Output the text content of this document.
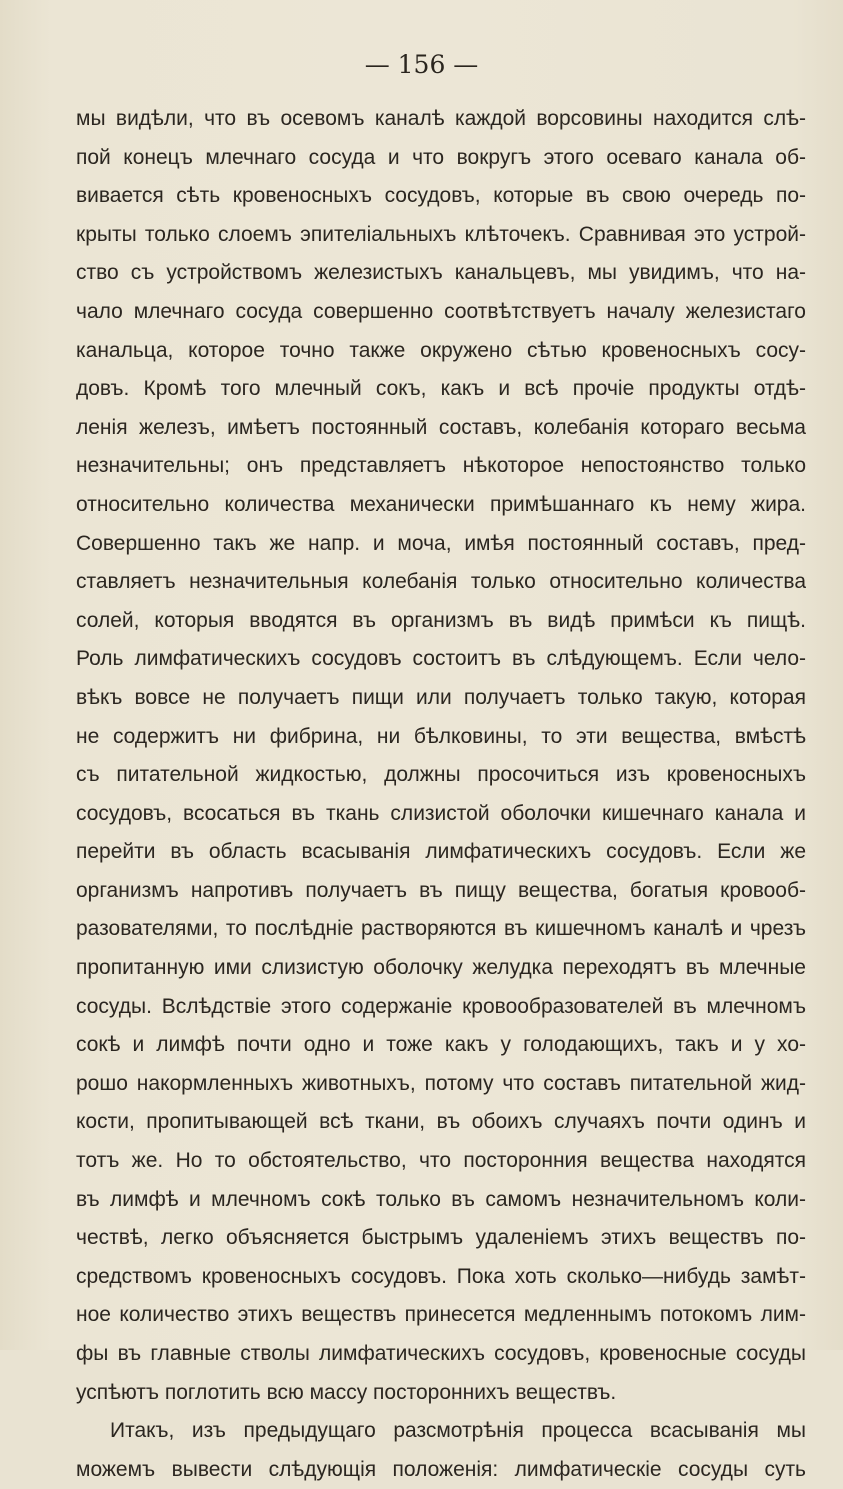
— 156 —
мы видѣли, что въ осевомъ каналѣ каждой ворсовины находится слѣ-
пой конецъ млечнаго сосуда и что вокругъ этого осеваго канала об-
вивается сѣть кровеносныхъ сосудовъ, которые въ свою очередь по-
крыты только слоемъ эпителіальныхъ клѣточекъ. Сравнивая это устрой-
ство съ устройствомъ железистыхъ канальцевъ, мы увидимъ, что на-
чало млечнаго сосуда совершенно соотвѣтствуетъ началу железистаго
канальца, которое точно также окружено сѣтью кровеносныхъ сосу-
довъ. Кромѣ того млечный сокъ, какъ и всѣ прочіе продукты отдѣ-
ленія железъ, имѣетъ постоянный составъ, колебанія котораго весьма
незначительны; онъ представляетъ нѣкоторое непостоянство только
относительно количества механически примѣшаннаго къ нему жира.
Совершенно такъ же напр. и моча, имѣя постоянный составъ, пред-
ставляетъ незначительныя колебанія только относительно количества
солей, которыя вводятся въ организмъ въ видѣ примѣси къ пищѣ.
Роль лимфатическихъ сосудовъ состоитъ въ слѣдующемъ. Если чело-
вѣкъ вовсе не получаетъ пищи или получаетъ только такую, которая
не содержитъ ни фибрина, ни бѣлковины, то эти вещества, вмѣстѣ
съ питательной жидкостью, должны просочиться изъ кровеносныхъ
сосудовъ, всосаться въ ткань слизистой оболочки кишечнаго канала и
перейти въ область всасыванія лимфатическихъ сосудовъ. Если же
организмъ напротивъ получаетъ въ пищу вещества, богатыя кровооб-
разователями, то послѣдніе растворяются въ кишечномъ каналѣ и чрезъ
пропитанную ими слизистую оболочку желудка переходятъ въ млечные
сосуды. Вслѣдствіе этого содержаніе кровообразователей въ млечномъ
сокѣ и лимфѣ почти одно и тоже какъ у голодающихъ, такъ и у хо-
рошо накормленныхъ животныхъ, потому что составъ питательной жид-
кости, пропитывающей всѣ ткани, въ обоихъ случаяхъ почти одинъ и
тотъ же. Но то обстоятельство, что посторонния вещества находятся
въ лимфѣ и млечномъ сокѣ только въ самомъ незначительномъ коли-
чествѣ, легко объясняется быстрымъ удаленіемъ этихъ веществъ по-
средствомъ кровеносныхъ сосудовъ. Пока хоть сколько—нибудь замѣт-
ное количество этихъ веществъ принесется медленнымъ потокомъ лим-
фы въ главные стволы лимфатическихъ сосудовъ, кровеносные сосуды
успѣютъ поглотить всю массу постороннихъ веществъ.
Итакъ, изъ предыдущаго разсмотрѣнія процесса всасыванія мы
можемъ вывести слѣдующія положенія: лимфатическіе сосуды суть
